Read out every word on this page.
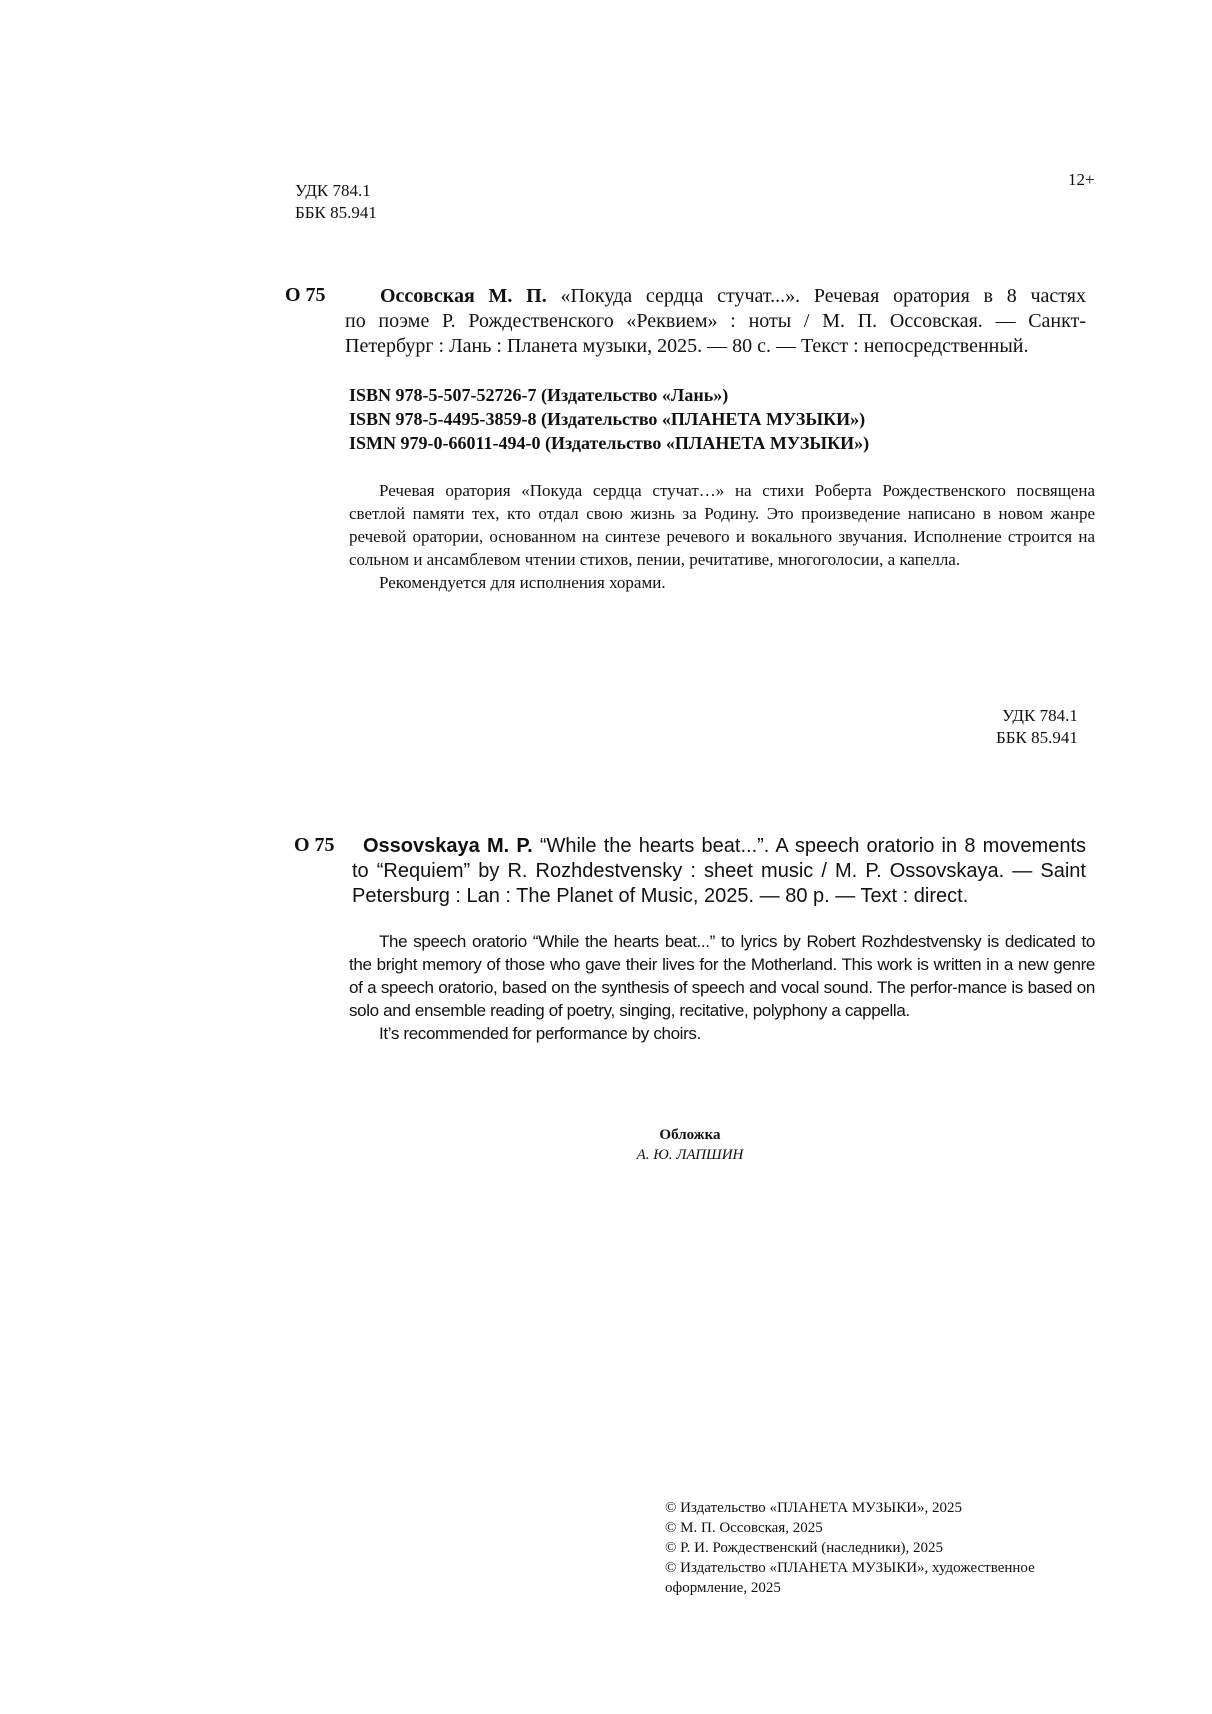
УДК 784.1
ББК 85.941
12+
О 75	Оссовская М. П. «Покуда сердца стучат...». Речевая оратория в 8 частях
по поэме Р. Рождественского «Реквием» : ноты / М. П. Оссовская. — Санкт-
Петербург : Лань : Планета музыки, 2025. — 80 с. — Текст : непосредственный.
ISBN 978-5-507-52726-7 (Издательство «Лань»)
ISBN 978-5-4495-3859-8 (Издательство «ПЛАНЕТА МУЗЫКИ»)
ISMN 979-0-66011-494-0 (Издательство «ПЛАНЕТА МУЗЫКИ»)

Речевая оратория «Покуда сердца стучат…» на стихи Роберта Рождественского посвящена светлой памяти тех, кто отдал свою жизнь за Родину. Это произведение написано в новом жанре речевой оратории, основанном на синтезе речевого и вокального звучания. Исполнение строится на сольном и ансамблевом чтении стихов, пении, речитативе, многоголосии, а капелла.

Рекомендуется для исполнения хорами.

УДК 784.1
ББК 85.941
O 75 Ossovskaya M. P. “While the hearts beat...”. A speech oratorio in 8 movements
to “Requiem” by R. Rozhdestvensky : sheet music / M. P. Ossovskaya. — Saint
Petersburg : Lan : The Planet of Music, 2025. — 80 p. — Text : direct.

The speech oratorio “While the hearts beat...” to lyrics by Robert Rozhdestvensky is dedicated to the bright memory of those who gave their lives for the Motherland. This work is written in a new genre of a speech oratorio, based on the synthesis of speech and vocal sound. The perfor-mance is based on solo and ensemble reading of poetry, singing, recitative, polyphony a cappella.

It’s recommended for performance by choirs.

Обложка
А. Ю. ЛАПШИН
© Издательство «ПЛАНЕТА МУЗЫКИ», 2025
© М. П. Оссовская, 2025
© Р. И. Рождественский (наследники), 2025
© Издательство «ПЛАНЕТА МУЗЫКИ», художественное
оформление, 2025
